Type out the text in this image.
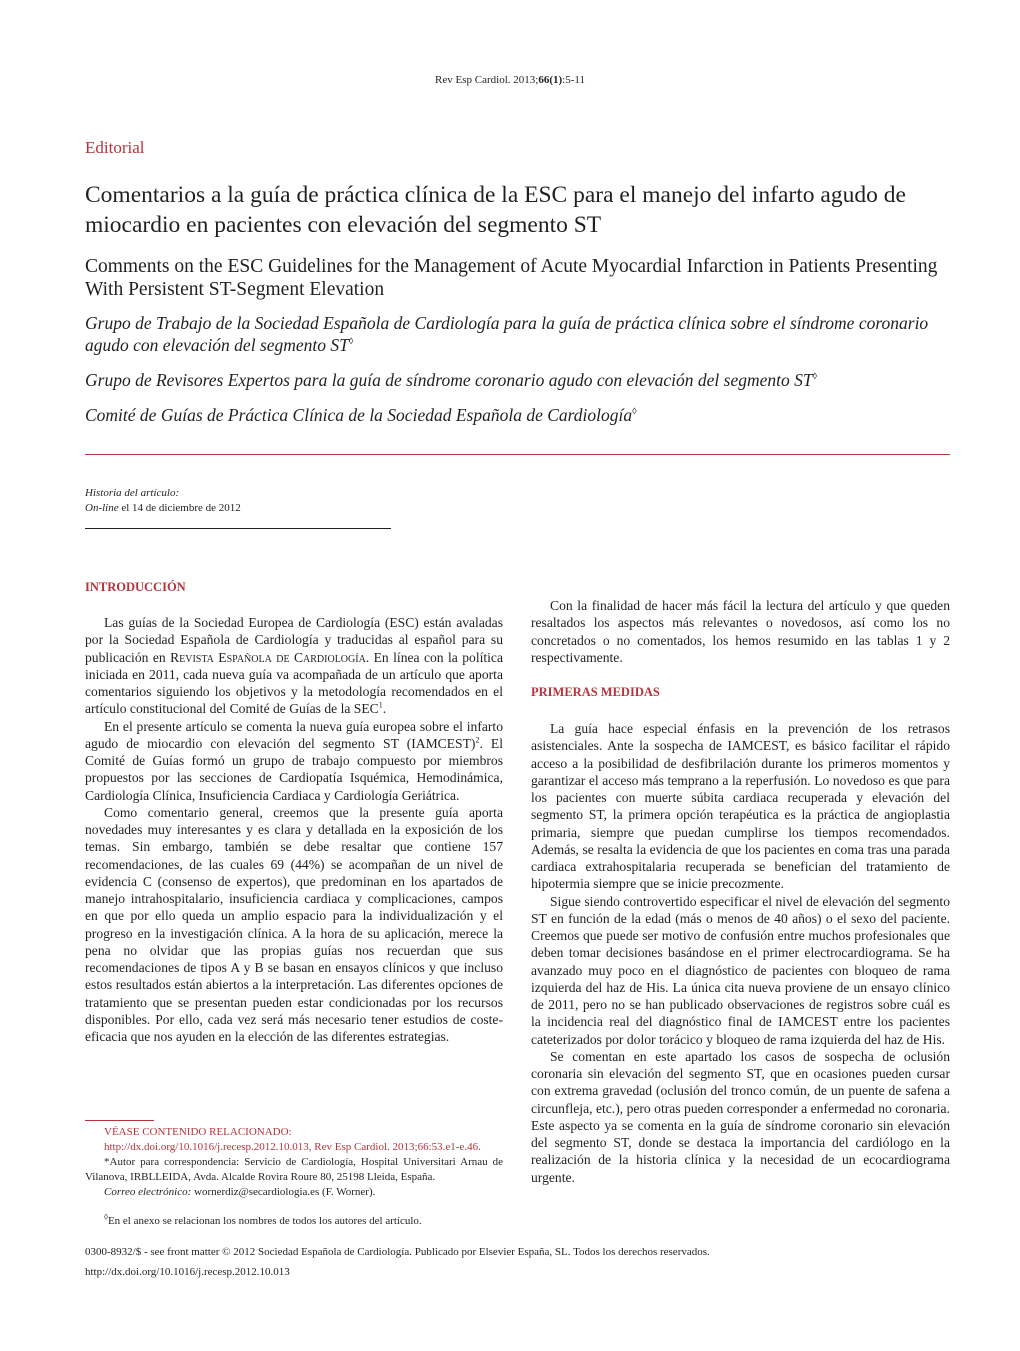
Rev Esp Cardiol. 2013;66(1):5-11
Editorial
Comentarios a la guía de práctica clínica de la ESC para el manejo del infarto agudo de miocardio en pacientes con elevación del segmento ST
Comments on the ESC Guidelines for the Management of Acute Myocardial Infarction in Patients Presenting With Persistent ST-Segment Elevation
Grupo de Trabajo de la Sociedad Española de Cardiología para la guía de práctica clínica sobre el síndrome coronario agudo con elevación del segmento ST◊
Grupo de Revisores Expertos para la guía de síndrome coronario agudo con elevación del segmento ST◊
Comité de Guías de Práctica Clínica de la Sociedad Española de Cardiología◊
Historia del artículo:
On-line el 14 de diciembre de 2012
INTRODUCCIÓN

Las guías de la Sociedad Europea de Cardiología (ESC) están avaladas por la Sociedad Española de Cardiología y traducidas al español para su publicación en Revista Española de Cardiología. En línea con la política iniciada en 2011, cada nueva guía va acompañada de un artículo que aporta comentarios siguiendo los objetivos y la metodología recomendados en el artículo constitucional del Comité de Guías de la SEC$^1$.

En el presente artículo se comenta la nueva guía europea sobre el infarto agudo de miocardio con elevación del segmento ST (IAMCEST)$^2$. El Comité de Guías formó un grupo de trabajo compuesto por miembros propuestos por las secciones de Cardiopatía Isquémica, Hemodinámica, Cardiología Clínica, Insuficiencia Cardiaca y Cardiología Geriátrica.

Como comentario general, creemos que la presente guía aporta novedades muy interesantes y es clara y detallada en la exposición de los temas. Sin embargo, también se debe resaltar que contiene 157 recomendaciones, de las cuales 69 (44%) se acompañan de un nivel de evidencia C (consenso de expertos), que predominan en los apartados de manejo intrahospitalario, insuficiencia cardiaca y complicaciones, campos en que por ello queda un amplio espacio para la individualización y el progreso en la investigación clínica. A la hora de su aplicación, merece la pena no olvidar que las propias guías nos recuerdan que sus recomendaciones de tipos A y B se basan en ensayos clínicos y que incluso estos resultados están abiertos a la interpretación. Las diferentes opciones de tratamiento que se presentan pueden estar condicionadas por los recursos disponibles. Por ello, cada vez será más necesario tener estudios de coste-eficacia que nos ayuden en la elección de las diferentes estrategias.

Con la finalidad de hacer más fácil la lectura del artículo y que queden resaltados los aspectos más relevantes o novedosos, así como los no concretados o no comentados, los hemos resumido en las tablas 1 y 2 respectivamente.

PRIMERAS MEDIDAS

La guía hace especial énfasis en la prevención de los retrasos asistenciales. Ante la sospecha de IAMCEST, es básico facilitar el rápido acceso a la posibilidad de desfibrilación durante los primeros momentos y garantizar el acceso más temprano a la reperfusión. Lo novedoso es que para los pacientes con muerte súbita cardiaca recuperada y elevación del segmento ST, la primera opción terapéutica es la práctica de angioplastia primaria, siempre que puedan cumplirse los tiempos recomendados. Además, se resalta la evidencia de que los pacientes en coma tras una parada cardiaca extrahospitalaria recuperada se benefician del tratamiento de hipotermia siempre que se inicie precozmente.

Sigue siendo controvertido especificar el nivel de elevación del segmento ST en función de la edad (más o menos de 40 años) o el sexo del paciente. Creemos que puede ser motivo de confusión entre muchos profesionales que deben tomar decisiones basándose en el primer electrocardiograma. Se ha avanzado muy poco en el diagnóstico de pacientes con bloqueo de rama izquierda del haz de His. La única cita nueva proviene de un ensayo clínico de 2011, pero no se han publicado observaciones de registros sobre cuál es la incidencia real del diagnóstico final de IAMCEST entre los pacientes cateterizados por dolor torácico y bloqueo de rama izquierda del haz de His.

Se comentan en este apartado los casos de sospecha de oclusión coronaria sin elevación del segmento ST, que en ocasiones pueden cursar con extrema gravedad (oclusión del tronco común, de un puente de safena a circunfleja, etc.), pero otras pueden corresponder a enfermedad no coronaria. Este aspecto ya se comenta en la guía de síndrome coronario sin elevación del segmento ST, donde se destaca la importancia del cardiólogo en la realización de la historia clínica y la necesidad de un ecocardiograma urgente.

VÉASE CONTENIDO RELACIONADO:

http://dx.doi.org/10.1016/j.recesp.2012.10.013, Rev Esp Cardiol. 2013;66:53.e1-e.46.

*Autor para correspondencia: Servicio de Cardiología, Hospital Universitari Arnau de Vilanova, IRBLLEIDA, Avda. Alcalde Rovira Roure 80, 25198 Lleida, España.

Correo electrónico: wornerdiz@secardiologia.es (F. Worner).

◊En el anexo se relacionan los nombres de todos los autores del artículo.

0300-8932/$ - see front matter © 2012 Sociedad Española de Cardiología. Publicado por Elsevier España, SL. Todos los derechos reservados.
http://dx.doi.org/10.1016/j.recesp.2012.10.013
